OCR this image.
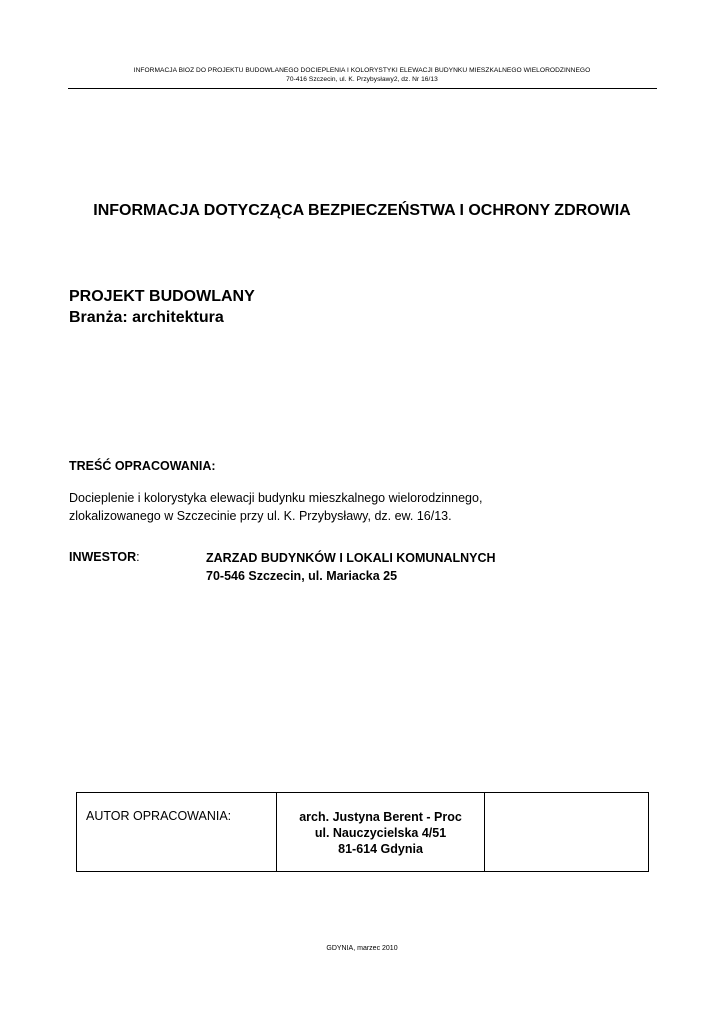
INFORMACJA BIOZ DO PROJEKTU BUDOWLANEGO DOCIEPLENIA I KOLORYSTYKI ELEWACJI BUDYNKU MIESZKALNEGO WIELORODZINNEGO
70-416 Szczecin, ul. K. Przybysławy2, dz. Nr 16/13
INFORMACJA DOTYCZĄCA BEZPIECZEŃSTWA I OCHRONY ZDROWIA
PROJEKT BUDOWLANY
Branża: architektura
TREŚĆ OPRACOWANIA:
Docieplenie i kolorystyka elewacji budynku mieszkalnego wielorodzinnego,
zlokalizowanego w Szczecinie przy ul. K. Przybysławy, dz. ew. 16/13.
INWESTOR:	ZARZAD BUDYNKÓW I LOKALI KOMUNALNYCH
70-546 Szczecin, ul. Mariacka 25
AUTOR OPRACOWANIA:	arch. Justyna Berent - Proc
ul. Nauczycielska 4/51
81-614 Gdynia

GDYNIA, marzec 2010
